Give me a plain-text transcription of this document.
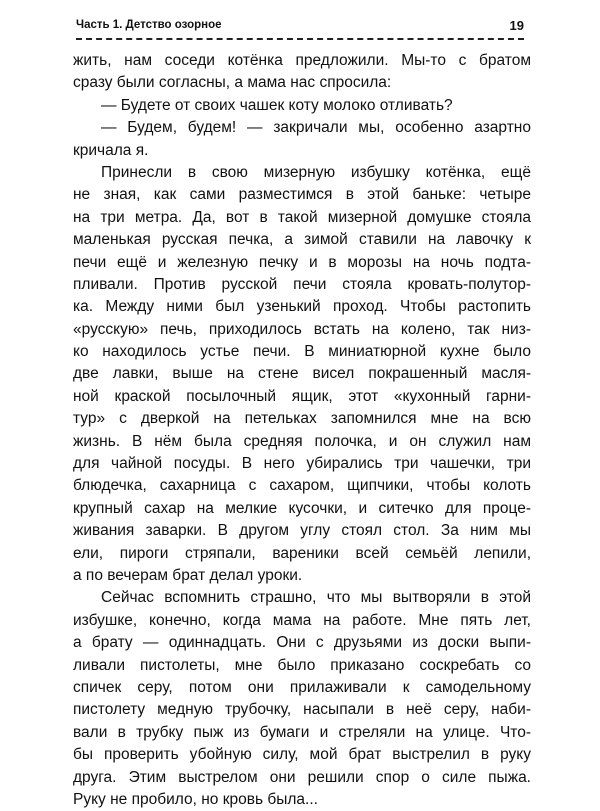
Часть 1. Детство озорное	19
жить, нам соседи котёнка предложили. Мы-то с братом
сразу были согласны, а мама нас спросила:
— Будете от своих чашек коту молоко отливать?
— Будем, будем! — закричали мы, особенно азартно
кричала я.
Принесли в свою мизерную избушку котёнка, ещё
не зная, как сами разместимся в этой баньке: четыре
на три метра. Да, вот в такой мизерной домушке стояла
маленькая русская печка, а зимой ставили на лавочку к
печи ещё и железную печку и в морозы на ночь подта-
пливали. Против русской печи стояла кровать-полутор-
ка. Между ними был узенький проход. Чтобы растопить
«русскую» печь, приходилось встать на колено, так низ-
ко находилось устье печи. В миниатюрной кухне было
две лавки, выше на стене висел покрашенный масля-
ной краской посылочный ящик, этот «кухонный гарни-
тур» с дверкой на петельках запомнился мне на всю
жизнь. В нём была средняя полочка, и он служил нам
для чайной посуды. В него убирались три чашечки, три
блюдечка, сахарница с сахаром, щипчики, чтобы колоть
крупный сахар на мелкие кусочки, и ситечко для проце-
живания заварки. В другом углу стоял стол. За ним мы
ели, пироги стряпали, вареники всей семьёй лепили,
а по вечерам брат делал уроки.
Сейчас вспомнить страшно, что мы вытворяли в этой
избушке, конечно, когда мама на работе. Мне пять лет,
а брату — одиннадцать. Они с друзьями из доски выпи-
ливали пистолеты, мне было приказано соскребать со
спичек серу, потом они прилаживали к самодельному
пистолету медную трубочку, насыпали в неё серу, наби-
вали в трубку пыж из бумаги и стреляли на улице. Что-
бы проверить убойную силу, мой брат выстрелил в руку
друга. Этим выстрелом они решили спор о силе пыжа.
Руку не пробило, но кровь была...
